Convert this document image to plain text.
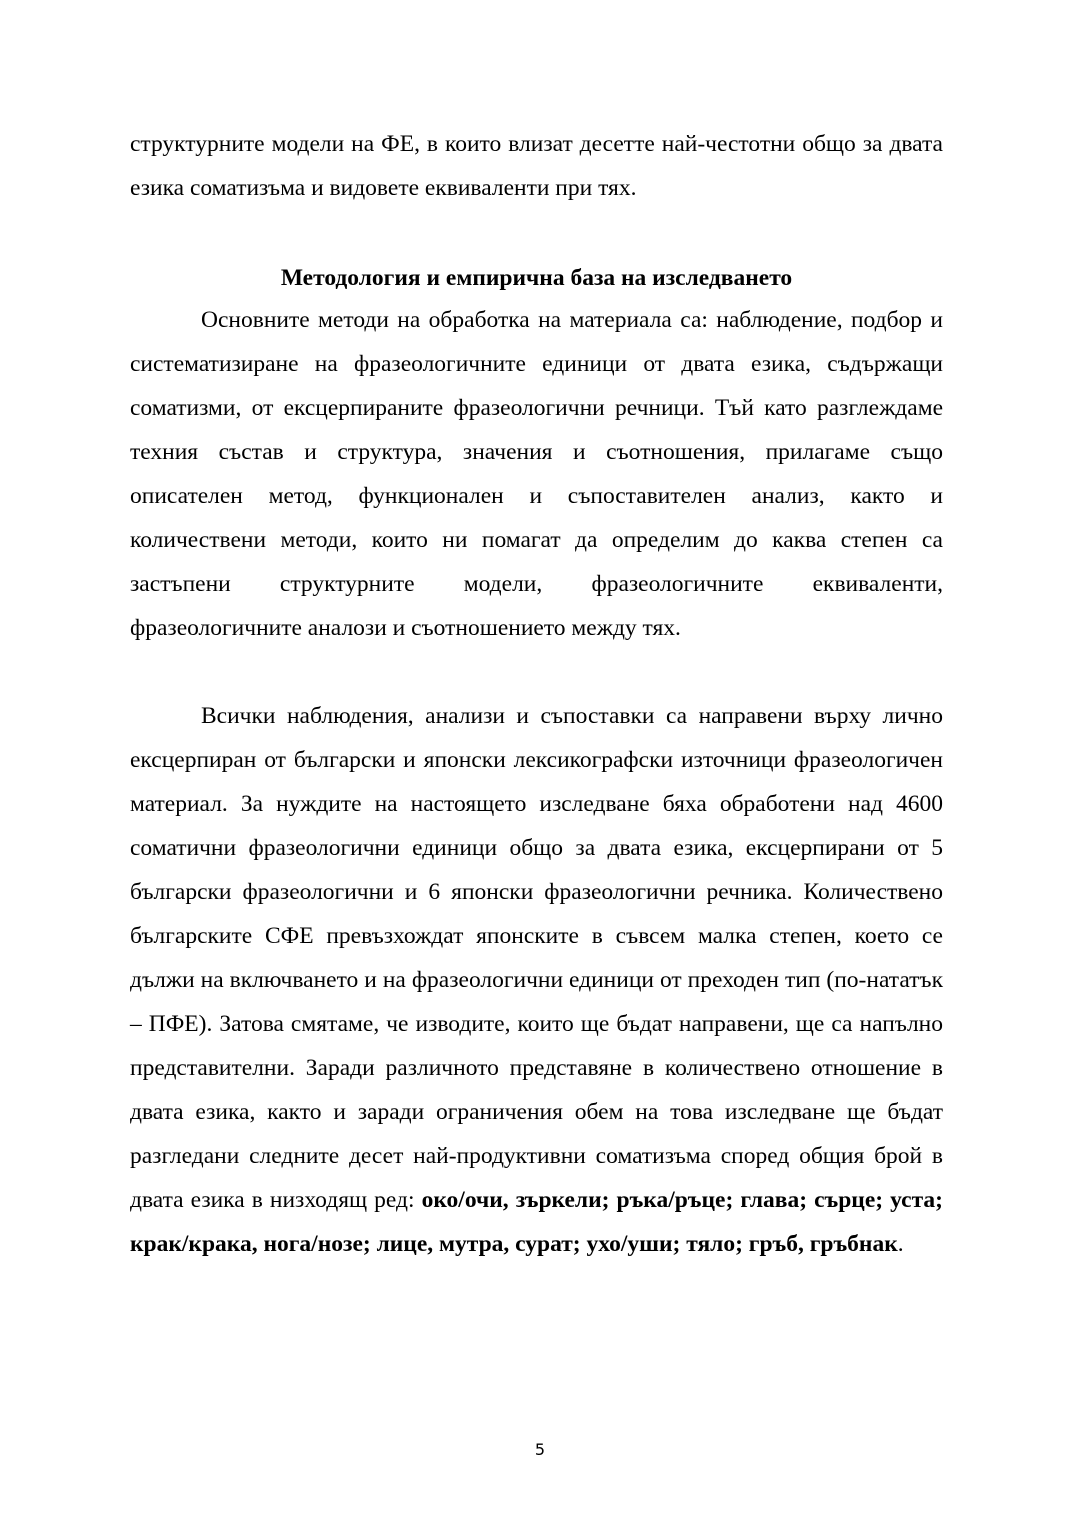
структурните модели на ФЕ, в които влизат десетте най-честотни общо за двата езика соматизъма и видовете еквиваленти при тях.

Методология и емпирична база на изследването

Основните методи на обработка на материала са: наблюдение, подбор и систематизиране на фразеологичните единици от двата езика, съдържащи соматизми, от ексцерпираните фразеологични речници. Тъй като разглеждаме техния състав и структура, значения и съотношения, прилагаме също описателен метод, функционален и съпоставителен анализ, както и количествени методи, които ни помагат да определим до каква степен са застъпени структурните модели, фразеологичните еквиваленти, фразеологичните аналози и съотношението между тях.

Всички наблюдения, анализи и съпоставки са направени върху лично ексцерпиран от български и японски лексикографски източници фразеологичен материал. За нуждите на настоящето изследване бяха обработени над 4600 соматични фразеологични единици общо за двата езика, ексцерпирани от 5 български фразеологични и 6 японски фразеологични речника. Количествено българските СФЕ превъзхождат японските в съвсем малка степен, което се дължи на включването и на фразеологични единици от преходен тип (по-нататък – ПФЕ). Затова смятаме, че изводите, които ще бъдат направени, ще са напълно представителни. Заради различното представяне в количествено отношение в двата езика, както и заради ограничения обем на това изследване ще бъдат разгледани следните десет най-продуктивни соматизъма според общия брой в двата езика в низходящ ред: око/очи, зъркели; ръка/ръце; глава; сърце; уста; крак/крака, нога/нозе; лице, мутра, сурат; ухо/уши; тяло; гръб, гръбнак.

5
